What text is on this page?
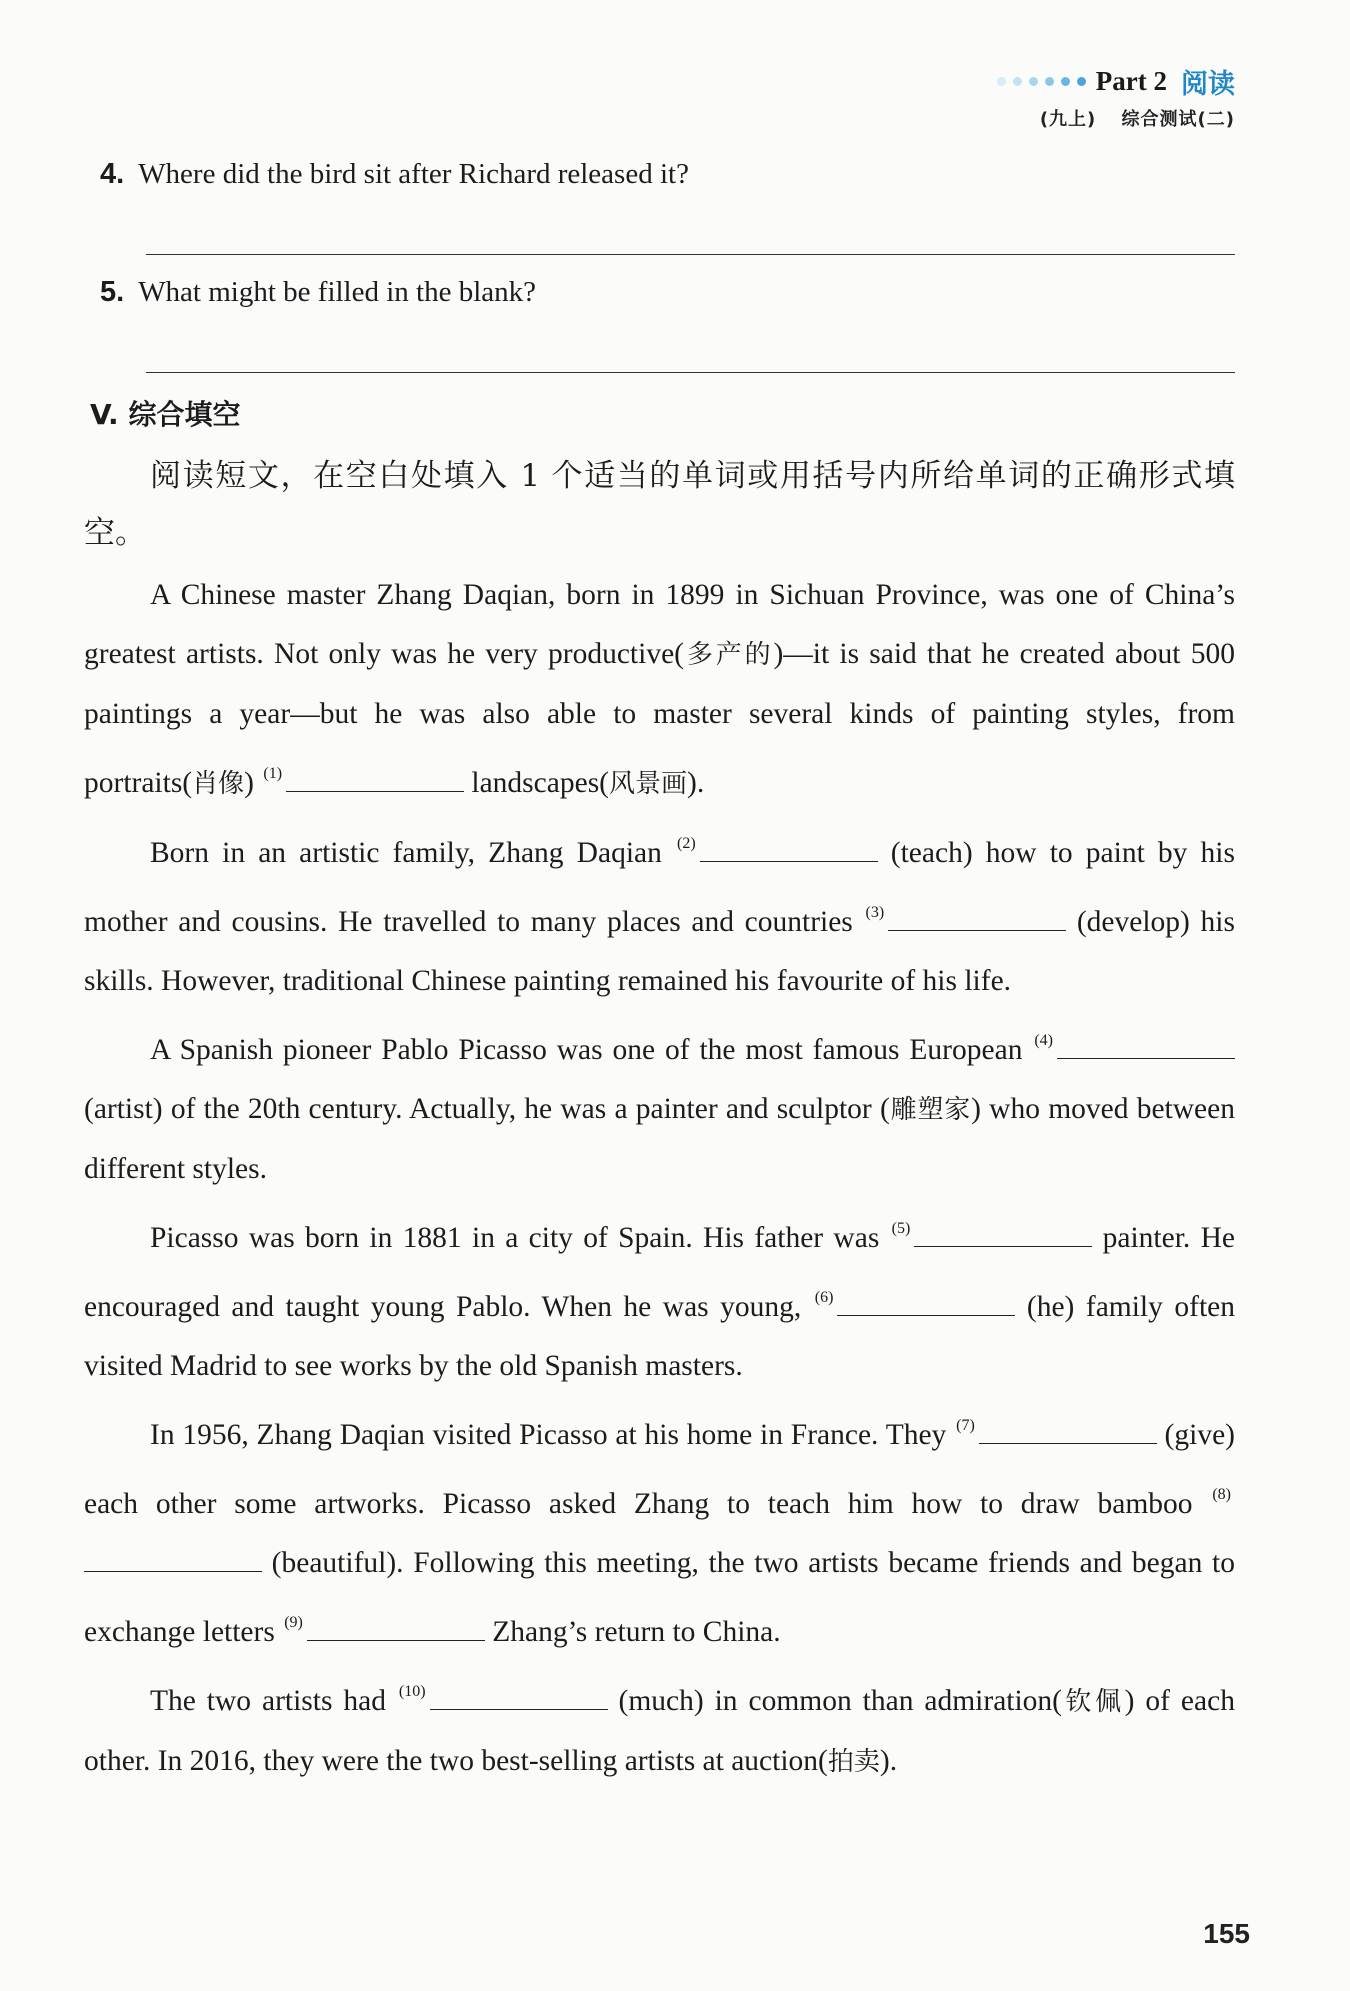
Part 2 阅读
(九上) 综合测试(二)
4. Where did the bird sit after Richard released it?
5. What might be filled in the blank?
V. 综合填空
阅读短文，在空白处填入 1 个适当的单词或用括号内所给单词的正确形式填空。

A Chinese master Zhang Daqian, born in 1899 in Sichuan Province, was one of China’s greatest artists. Not only was he very productive(多产的)—it is said that he created about 500 paintings a year—but he was also able to master several kinds of painting styles, from portraits(肖像) $^{(1)}$	landscapes(风景画).

Born in an artistic family, Zhang Daqian $^{(2)}$	(teach) how to paint by his mother and cousins. He travelled to many places and countries $^{(3)}$	(develop) his skills. However, traditional Chinese painting remained his favourite of his life.

A Spanish pioneer Pablo Picasso was one of the most famous European $^{(4)}$ (artist) of the 20th century. Actually, he was a painter and sculptor (雕塑家) who moved between different styles.

Picasso was born in 1881 in a city of Spain. His father was $^{(5)}$	painter. He encouraged and taught young Pablo. When he was young, $^{(6)}$	(he) family often visited Madrid to see works by the old Spanish masters.

In 1956, Zhang Daqian visited Picasso at his home in France. They $^{(7)}$	(give) each other some artworks. Picasso asked Zhang to teach him how to draw bamboo $^{(8)}$ (beautiful). Following this meeting, the two artists became friends and began to exchange letters $^{(9)}$	Zhang’s return to China.

The two artists had $^{(10)}$	(much) in common than admiration(钦佩) of each other. In 2016, they were the two best-selling artists at auction(拍卖).

155
